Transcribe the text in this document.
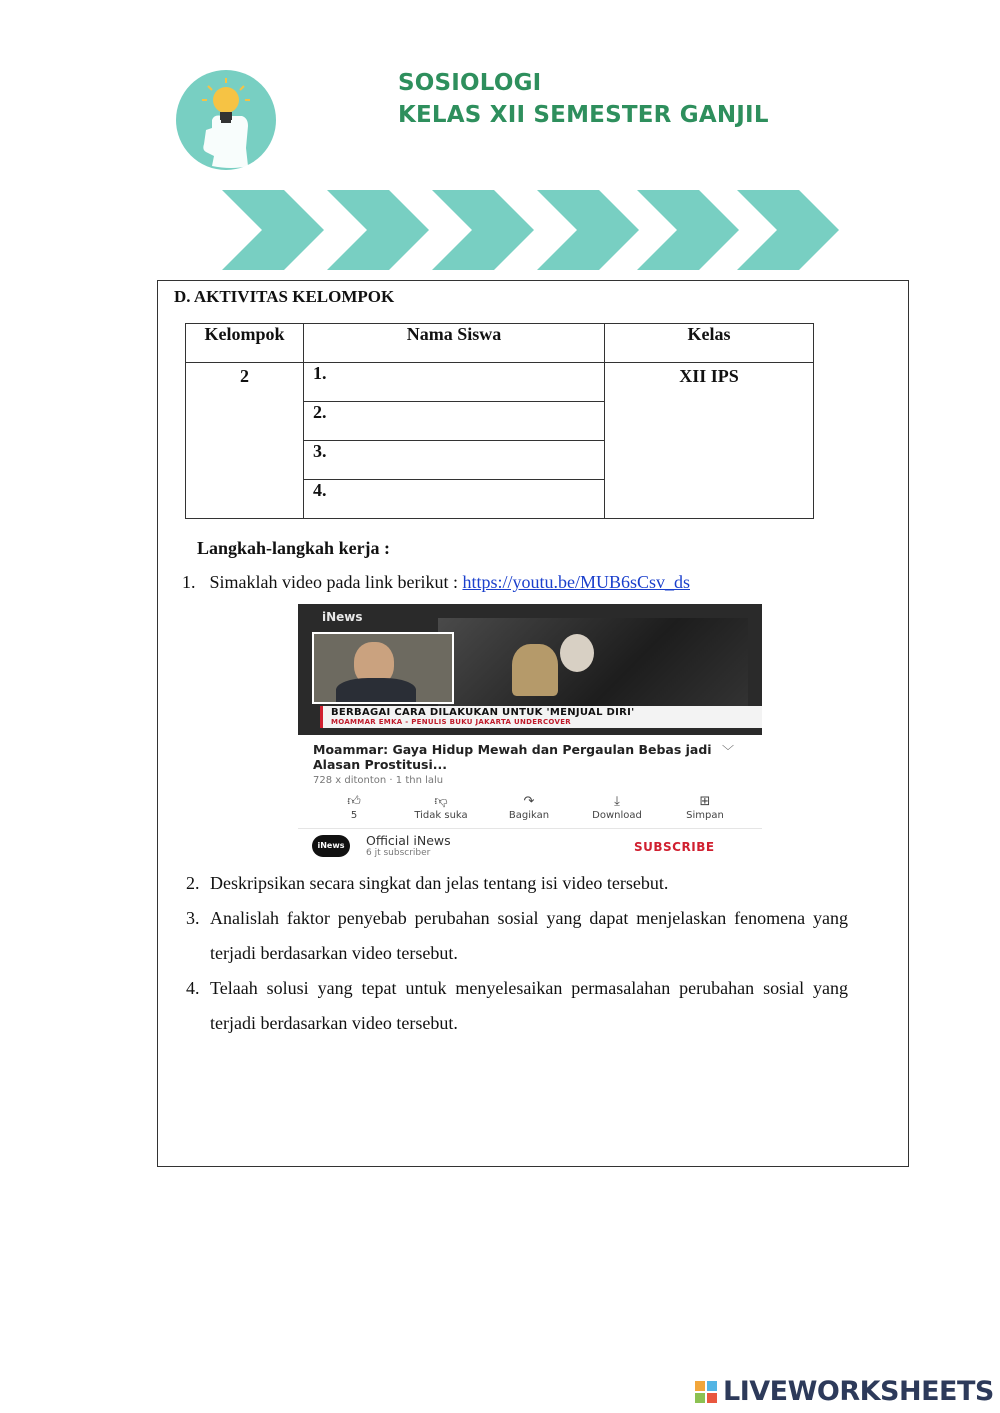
SOSIOLOGI
KELAS XII SEMESTER GANJIL
D. AKTIVITAS KELOMPOK
Kelompok	Nama Siswa	Kelas
2	1.	XII IPS
	2.	
	3.	
	4.	
Langkah-langkah kerja :
1. Simaklah video pada link berikut : https://youtu.be/MUB6sCsv_ds
iNews
BERBAGAI CARA DILAKUKAN UNTUK 'MENJUAL DIRI'
MOAMMAR EMKA - PENULIS BUKU JAKARTA UNDERCOVER
Moammar: Gaya Hidup Mewah dan Pergaulan Bebas jadi Alasan Prostitusi...
﹀
728 x ditonton · 1 thn lalu
👍︎
5
👎︎
Tidak suka
↷
Bagikan
⤓
Download
⊞
Simpan
iNews	Official iNews
6 jt subscriber	SUBSCRIBE
2. Deskripsikan secara singkat dan jelas tentang isi video tersebut.
3. Analislah faktor penyebab perubahan sosial yang dapat menjelaskan fenomena yang terjadi berdasarkan video tersebut.
4. Telaah solusi yang tepat untuk menyelesaikan permasalahan perubahan sosial yang terjadi berdasarkan video tersebut.
LIVEWORKSHEETS
